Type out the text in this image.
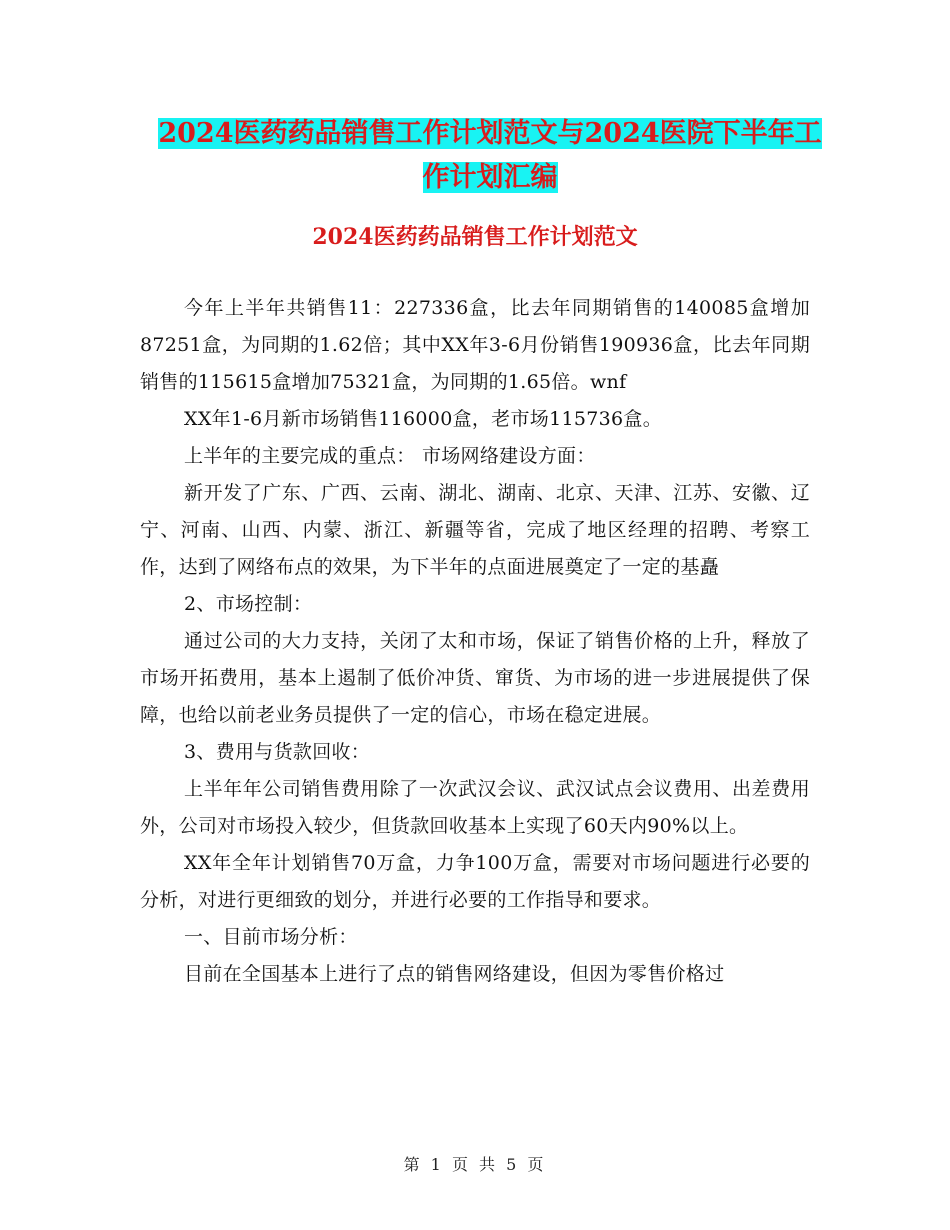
2024医药药品销售工作计划范文与2024医院下半年工
作计划汇编
2024医药药品销售工作计划范文

今年上半年共销售11：227336盒，比去年同期销售的140085盒增加87251盒，为同期的1.62倍；其中XX年3-6月份销售190936盒，比去年同期销售的115615盒增加75321盒，为同期的1.65倍。wnf

XX年1-6月新市场销售116000盒，老市场115736盒。

上半年的主要完成的重点： 市场网络建设方面：

新开发了广东、广西、云南、湖北、湖南、北京、天津、江苏、安徽、辽宁、河南、山西、内蒙、浙江、新疆等省，完成了地区经理的招聘、考察工作，达到了网络布点的效果，为下半年的点面进展奠定了一定的基矗

2、市场控制：

通过公司的大力支持，关闭了太和市场，保证了销售价格的上升，释放了市场开拓费用，基本上遏制了低价冲货、窜货、为市场的进一步进展提供了保障，也给以前老业务员提供了一定的信心，市场在稳定进展。

3、费用与货款回收：

上半年年公司销售费用除了一次武汉会议、武汉试点会议费用、出差费用外，公司对市场投入较少，但货款回收基本上实现了60天内90%以上。

XX年全年计划销售70万盒，力争100万盒，需要对市场问题进行必要的分析，对进行更细致的划分，并进行必要的工作指导和要求。

一、目前市场分析：

目前在全国基本上进行了点的销售网络建设，但因为零售价格过

第 1 页 共 5 页
